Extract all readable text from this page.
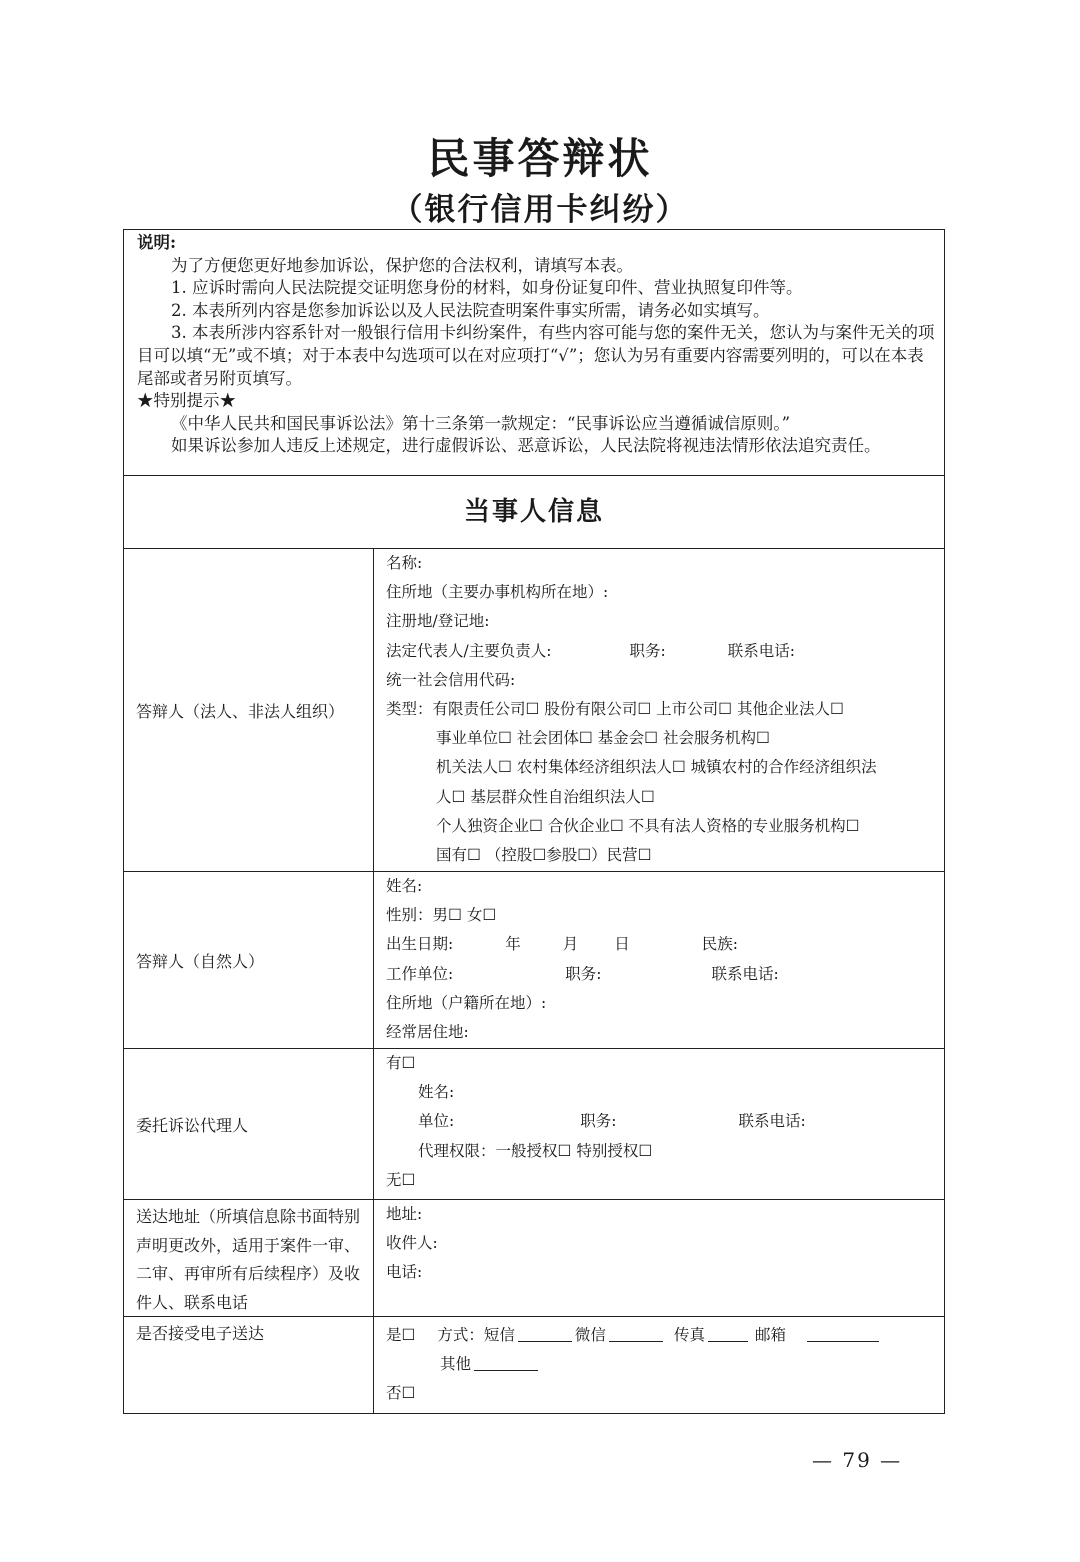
民事答辩状
（银行信用卡纠纷）

说明:

为了方便您更好地参加诉讼，保护您的合法权利，请填写本表。

1. 应诉时需向人民法院提交证明您身份的材料，如身份证复印件、营业执照复印件等。

2. 本表所列内容是您参加诉讼以及人民法院查明案件事实所需，请务必如实填写。

3. 本表所涉内容系针对一般银行信用卡纠纷案件，有些内容可能与您的案件无关，您认为与案件无关的项目可以填“无”或不填；对于本表中勾选项可以在对应项打“√”；您认为另有重要内容需要列明的，可以在本表尾部或者另附页填写。

★特别提示★

《中华人民共和国民事诉讼法》第十三条第一款规定：“民事诉讼应当遵循诚信原则。”

如果诉讼参加人违反上述规定，进行虚假诉讼、恶意诉讼，人民法院将视违法情形依法追究责任。

当事人信息
答辩人（法人、非法人组织）
名称:
住所地（主要办事机构所在地）:
注册地/登记地:
法定代表人/主要负责人:	职务:	联系电话:
统一社会信用代码:
类型：有限责任公司☐ 股份有限公司☐ 上市公司☐ 其他企业法人☐
事业单位☐ 社会团体☐ 基金会☐ 社会服务机构☐
机关法人☐ 农村集体经济组织法人☐ 城镇农村的合作经济组织法
人☐ 基层群众性自治组织法人☐
个人独资企业☐ 合伙企业☐ 不具有法人资格的专业服务机构☐
国有☐ （控股☐参股☐）民营☐
答辩人（自然人）
姓名:
性别：男☐ 女☐
出生日期:	年	月 日	民族:
工作单位:	职务:	联系电话:
住所地（户籍所在地）:
经常居住地:
委托诉讼代理人
有☐
姓名:
单位:	职务:	联系电话:
代理权限：一般授权☐ 特别授权☐
无☐
送达地址（所填信息除书面特别声明更改外，适用于案件一审、二审、再审所有后续程序）及收件人、联系电话
地址:
收件人:
电话:
是否接受电子送达	是☐ 方式：短信	微信	传真	邮箱
其他
否☐
— 79 —
